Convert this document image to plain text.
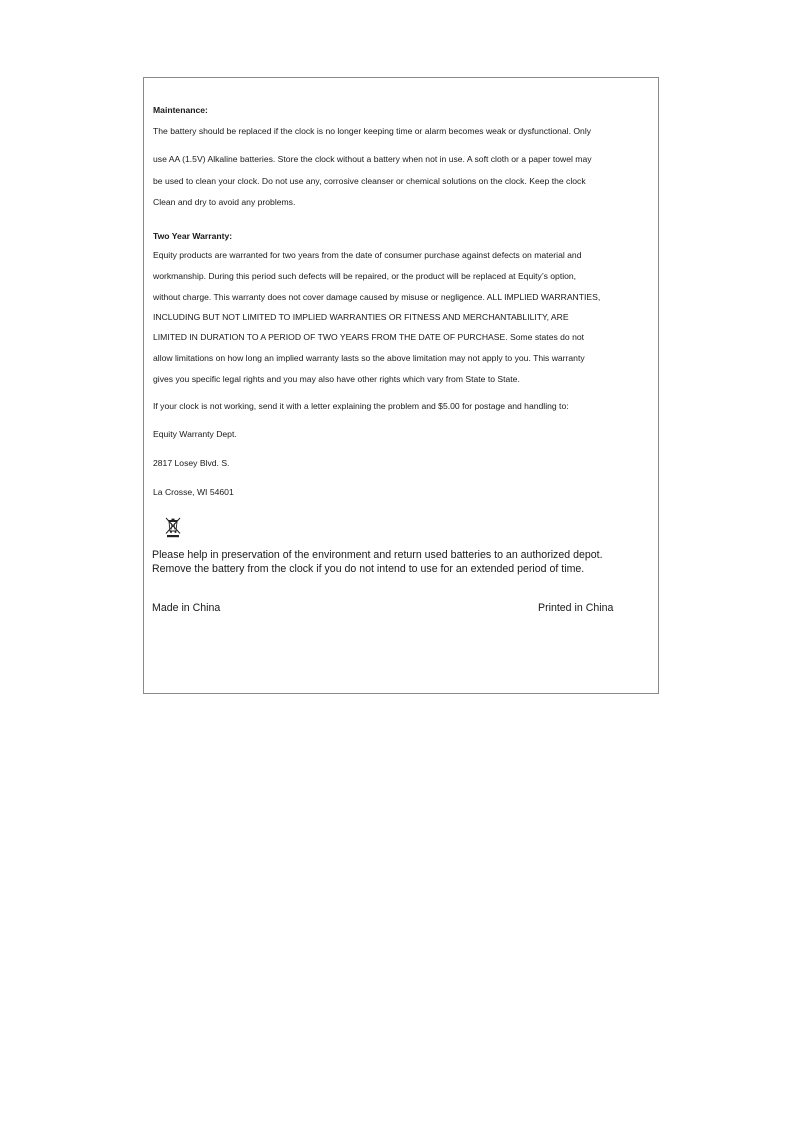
Maintenance:
The battery should be replaced if the clock is no longer keeping time or alarm becomes weak or dysfunctional. Only
use AA (1.5V) Alkaline batteries. Store the clock without a battery when not in use. A soft cloth or a paper towel may
be used to clean your clock. Do not use any, corrosive cleanser or chemical solutions on the clock. Keep the clock
Clean and dry to avoid any problems.
Two Year Warranty:
Equity products are warranted for two years from the date of consumer purchase against defects on material and
workmanship. During this period such defects will be repaired, or the product will be replaced at Equity’s option,
without charge. This warranty does not cover damage caused by misuse or negligence. ALL IMPLIED WARRANTIES,
INCLUDING BUT NOT LIMITED TO IMPLIED WARRANTIES OR FITNESS AND MERCHANTABLILITY, ARE
LIMITED IN DURATION TO A PERIOD OF TWO YEARS FROM THE DATE OF PURCHASE. Some states do not
allow limitations on how long an implied warranty lasts so the above limitation may not apply to you. This warranty
gives you specific legal rights and you may also have other rights which vary from State to State.
If your clock is not working, send it with a letter explaining the problem and $5.00 for postage and handling to:
Equity Warranty Dept.
2817 Losey Blvd. S.
La Crosse, WI 54601
Please help in preservation of the environment and return used batteries to an authorized depot.
Remove the battery from the clock if you do not intend to use for an extended period of time.
Made in China	Printed in China
